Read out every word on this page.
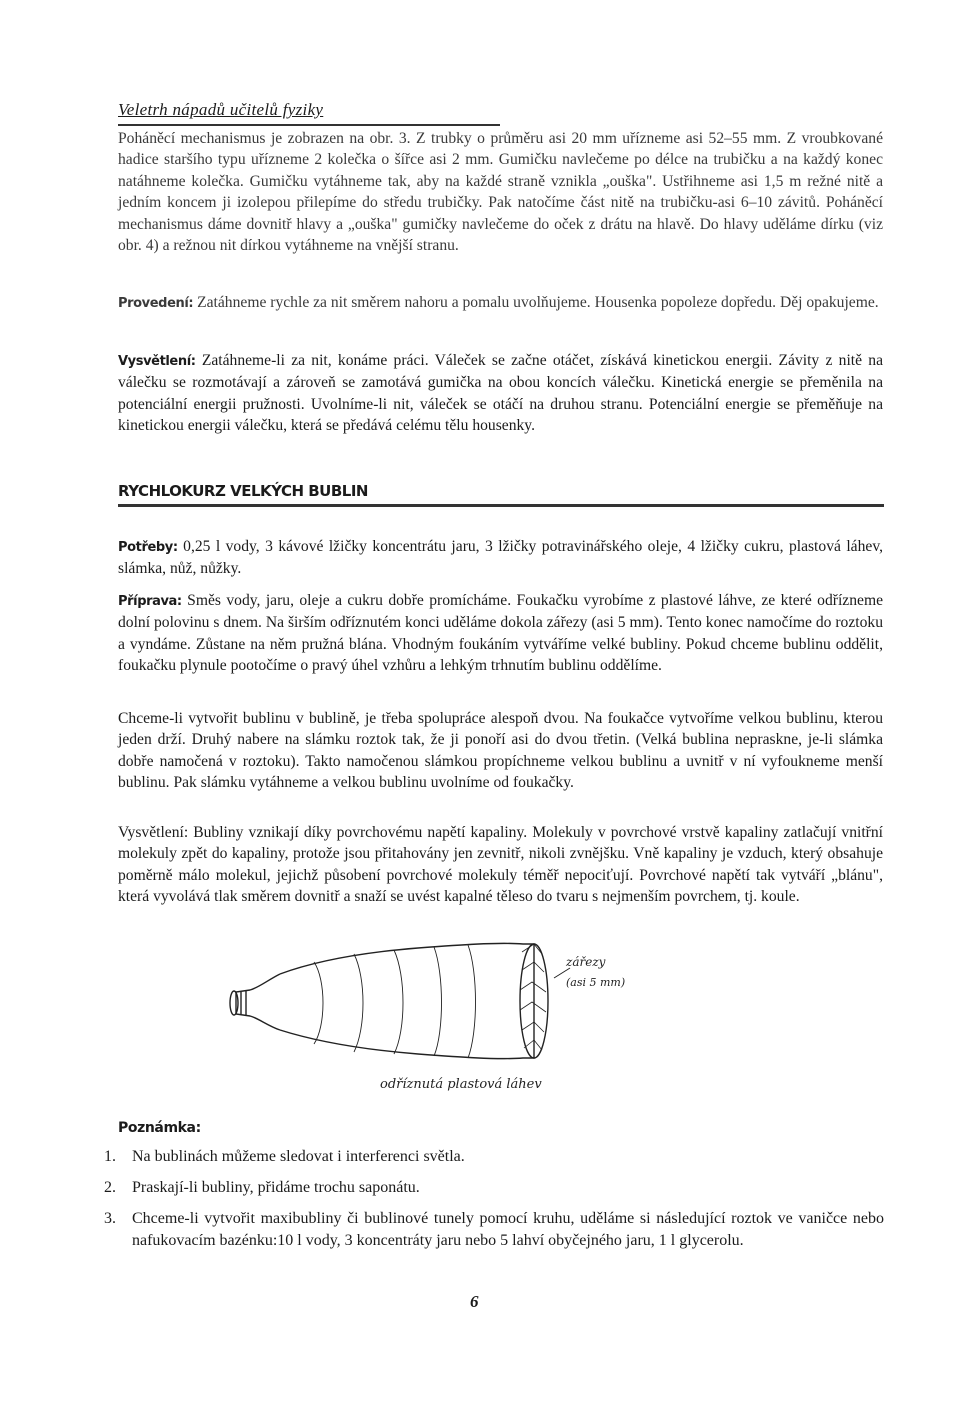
Veletrh nápadů učitelů fyziky

Poháněcí mechanismus je zobrazen na obr. 3. Z trubky o průměru asi 20 mm uřízneme asi 52–55 mm. Z vroubkované hadice staršího typu uřízneme 2 kolečka o šířce asi 2 mm. Gumičku navlečeme po délce na trubičku a na každý konec natáhneme kolečka. Gumičku vytáhneme tak, aby na každé straně vznikla „ouška". Ustřihneme asi 1,5 m režné nitě a jedním koncem ji izolepou přilepíme do středu trubičky. Pak natočíme část nitě na trubičku-asi 6–10 závitů. Poháněcí mechanismus dáme dovnitř hlavy a „ouška" gumičky navlečeme do oček z drátu na hlavě. Do hlavy uděláme dírku (viz obr. 4) a režnou nit dírkou vytáhneme na vnější stranu.

Provedení: Zatáhneme rychle za nit směrem nahoru a pomalu uvolňujeme. Housenka popoleze dopředu. Děj opakujeme.

Vysvětlení: Zatáhneme-li za nit, konáme práci. Váleček se začne otáčet, získává kinetickou energii. Závity z nitě na válečku se rozmotávají a zároveň se zamotává gumička na obou koncích válečku. Kinetická energie se přeměnila na potenciální energii pružnosti. Uvolníme-li nit, váleček se otáčí na druhou stranu. Potenciální energie se přeměňuje na kinetickou energii válečku, která se předává celému tělu housenky.

RYCHLOKURZ VELKÝCH BUBLIN

Potřeby: 0,25 l vody, 3 kávové lžičky koncentrátu jaru, 3 lžičky potravinářského oleje, 4 lžičky cukru, plastová láhev, slámka, nůž, nůžky.

Příprava: Směs vody, jaru, oleje a cukru dobře promícháme. Foukačku vyrobíme z plastové láhve, ze které odřízneme dolní polovinu s dnem. Na širším odříznutém konci uděláme dokola zářezy (asi 5 mm). Tento konec namočíme do roztoku a vyndáme. Zůstane na něm pružná blána. Vhodným foukáním vytváříme velké bubliny. Pokud chceme bublinu oddělit, foukačku plynule pootočíme o pravý úhel vzhůru a lehkým trhnutím bublinu oddělíme.

Chceme-li vytvořit bublinu v bublině, je třeba spolupráce alespoň dvou. Na foukačce vytvoříme velkou bublinu, kterou jeden drží. Druhý nabere na slámku roztok tak, že ji ponoří asi do dvou třetin. (Velká bublina nepraskne, je-li slámka dobře namočená v roztoku). Takto namočenou slámkou propíchneme velkou bublinu a uvnitř v ní vyfoukneme menší bublinu. Pak slámku vytáhneme a velkou bublinu uvolníme od foukačky.

Vysvětlení: Bubliny vznikají díky povrchovému napětí kapaliny. Molekuly v povrchové vrstvě kapaliny zatlačují vnitřní molekuly zpět do kapaliny, protože jsou přitahovány jen zevnitř, nikoli zvnějšku. Vně kapaliny je vzduch, který obsahuje poměrně málo molekul, jejichž působení povrchové molekuly téměř nepociťují. Povrchové napětí tak vytváří „blánu", která vyvolává tlak směrem dovnitř a snaží se uvést kapalné těleso do tvaru s nejmenším povrchem, tj. koule.

zářezy
(asi 5 mm)
odříznutá plastová láhev
Poznámka:
1.	Na bublinách můžeme sledovat i interferenci světla.
2.	Praskají-li bubliny, přidáme trochu saponátu.
3.	Chceme-li vytvořit maxibubliny či bublinové tunely pomocí kruhu, uděláme si následující roztok ve vaničce nebo nafukovacím bazénku:10 l vody, 3 koncentráty jaru nebo 5 lahví obyčejného jaru, 1 l glycerolu.
6
